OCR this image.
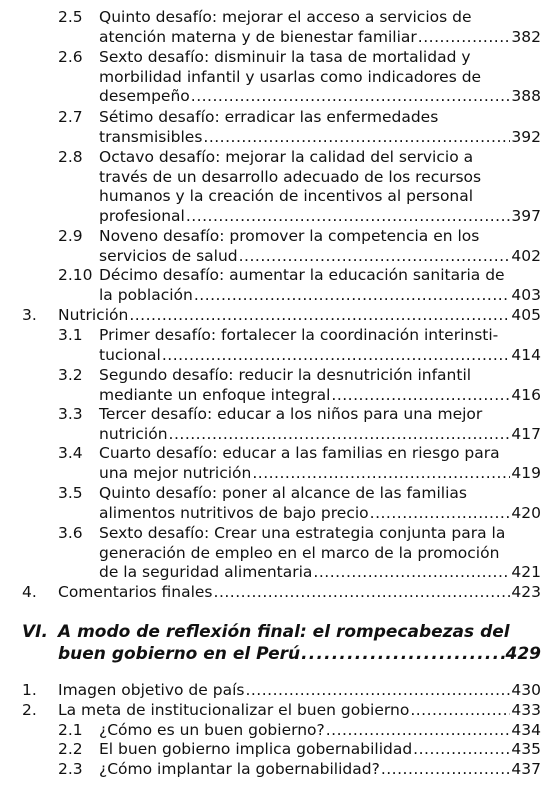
2.5 Quinto desafío: mejorar el acceso a servicios de
atención materna y de bienestar familiar .....	382
2.6 Sexto desafío: disminuir la tasa de mortalidad y
morbilidad infantil y usarlas como indicadores de
desempeño .....	388
2.7 Sétimo desafío: erradicar las enfermedades
transmisibles .....	392
2.8 Octavo desafío: mejorar la calidad del servicio a
través de un desarrollo adecuado de los recursos
humanos y la creación de incentivos al personal
profesional .....	397
2.9 Noveno desafío: promover la competencia en los
servicios de salud .....	402
2.10 Décimo desafío: aumentar la educación sanitaria de
la población .....	403
3. Nutrición .....	405
3.1 Primer desafío: fortalecer la coordinación interinsti-
tucional .....	414
3.2 Segundo desafío: reducir la desnutrición infantil
mediante un enfoque integral .....	416
3.3 Tercer desafío: educar a los niños para una mejor
nutrición .....	417
3.4 Cuarto desafío: educar a las familias en riesgo para
una mejor nutrición .....	419
3.5 Quinto desafío: poner al alcance de las familias
alimentos nutritivos de bajo precio .....	420
3.6 Sexto desafío: Crear una estrategia conjunta para la
generación de empleo en el marco de la promoción
de la seguridad alimentaria .....	421
4. Comentarios finales .....	423
VI. A modo de reflexión final: el rompecabezas del
buen gobierno en el Perú .....	429
1. Imagen objetivo de país .....	430
2. La meta de institucionalizar el buen gobierno .....	433
2.1 ¿Cómo es un buen gobierno? .....	434
2.2 El buen gobierno implica gobernabilidad .....	435
2.3 ¿Cómo implantar la gobernabilidad? .....	437
